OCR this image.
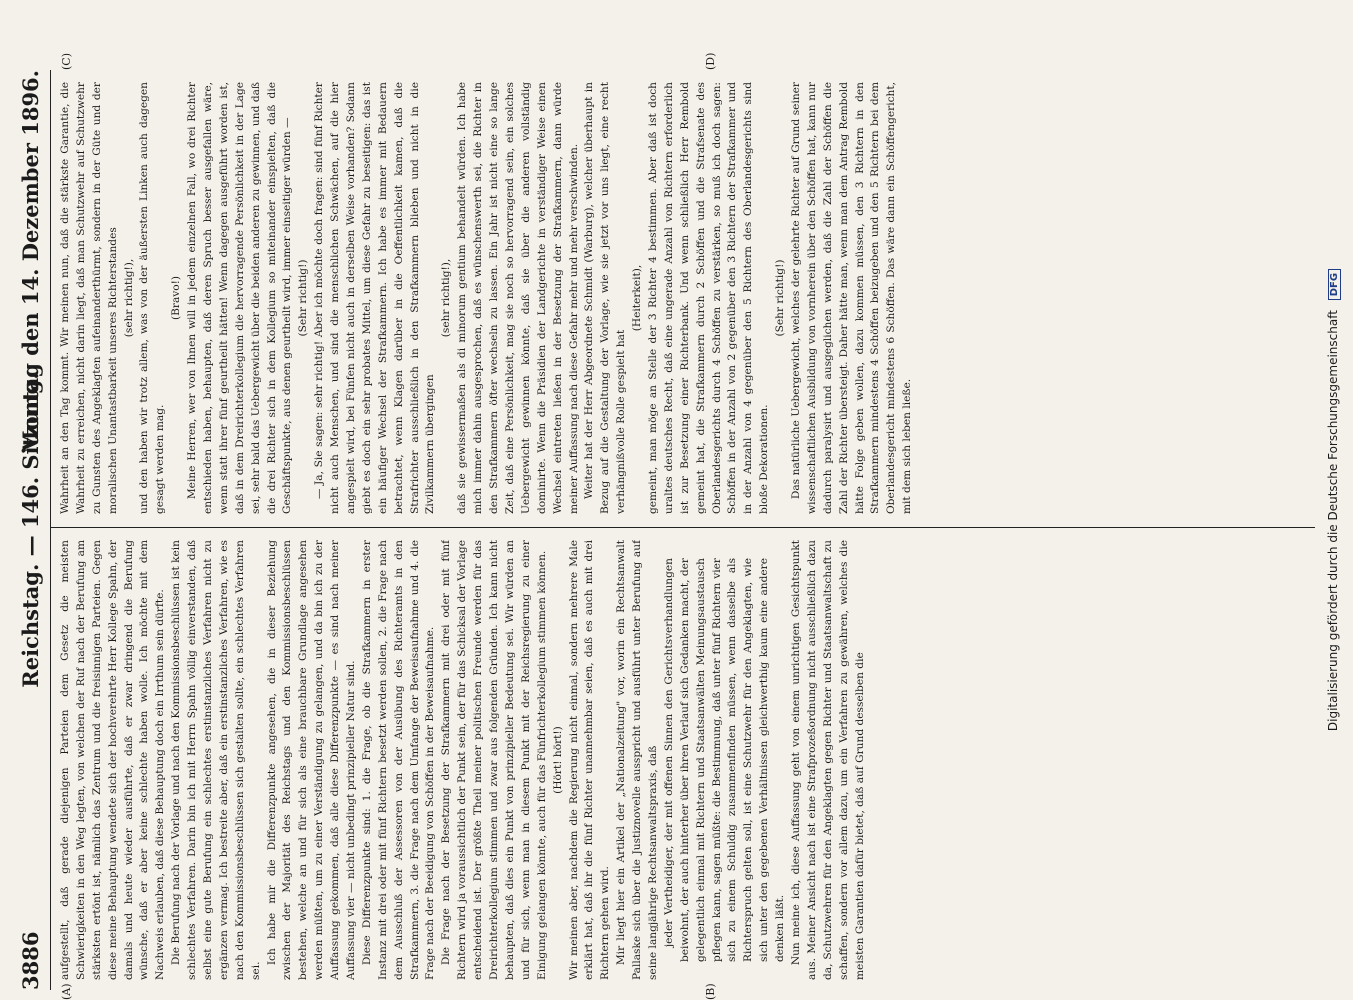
3886
Reichstag. — 146. Sitzung.
Montag den 14. Dezember 1896.
(A)	(B)
(C)	(D)

aufgestellt, daß gerade diejenigen Parteien dem Gesetz die meisten Schwierigkeiten in den Weg legten, von welchen der Ruf nach der Berufung am stärksten ertönt ist, nämlich das Zentrum und die freisinnigen Parteien. Gegen diese meine Behauptung wendete sich der hochverehrte Herr Kollege Spahn, der damals und heute wieder ausführte, daß er zwar dringend die Berufung wünsche, daß er aber keine schlechte haben wolle. Ich möchte mit dem Nachweis erlauben, daß diese Behauptung doch ein Irrthum sein dürfte. Die Berufung nach der Vorlage und nach den Kommissionsbeschlüssen ist kein schlechtes Verfahren. Darin bin ich mit Herrn Spahn völlig einverstanden, daß selbst eine gute Berufung ein schlechtes erstinstanzliches Verfahren nicht zu ergänzen vermag. Ich bestreite aber, daß ein erstinstanzliches Verfahren, wie es nach den Kommissionsbeschlüssen sich gestalten sollte, ein schlechtes Verfahren sei.

Ich habe mir die Differenzpunkte angesehen, die in dieser Beziehung zwischen der Majorität des Reichstags und den Kommissionsbeschlüssen bestehen, welche an und für sich als eine brauchbare Grundlage angesehen werden müßten, um zu einer Verständigung zu gelangen, und da bin ich zu der Auffassung gekommen, daß alle diese Differenzpunkte — es sind nach meiner Auffassung vier — nicht unbedingt prinzipieller Natur sind. Diese Differenzpunkte sind: 1. die Frage, ob die Strafkammern in erster Instanz mit drei oder mit fünf Richtern besetzt werden sollen, 2. die Frage nach dem Ausschluß der Assessoren von der Ausübung des Richteramts in den Strafkammern, 3. die Frage nach dem Umfange der Beweisaufnahme und 4. die Frage nach der Beeidigung von Schöffen in der Beweisaufnahme. Die Frage nach der Besetzung der Strafkammern mit drei oder mit fünf Richtern wird ja voraussichtlich der Punkt sein, der für das Schicksal der Vorlage entscheidend ist. Der größte Theil meiner politischen Freunde werden für das Dreirichterkollegium stimmen und zwar aus folgenden Gründen. Ich kann nicht behaupten, daß dies ein Punkt von prinzipieller Bedeutung sei. Wir würden an und für sich, wenn man in diesem Punkt mit der Reichsregierung zu einer Einigung gelangen könnte, auch für das Fünfrichterkollegium stimmen können. (Hört! hört!) Wir meinen aber, nachdem die Regierung nicht einmal, sondern mehrere Male erklärt hat, daß ihr die fünf Richter unannehmbar seien, daß es auch mit drei Richtern gehen wird. Mir liegt hier ein Artikel der „Nationalzeitung" vor, worin ein Rechtsanwalt Pallaske sich über die Justiznovelle ausspricht und ausführt unter Berufung auf seine langjährige Rechtsanwaltspraxis, daß jeder Vertheidiger, der mit offenen Sinnen den Gerichtsverhandlungen beiwohnt, der auch hinterher über ihren Verlauf sich Gedanken macht, der gelegentlich einmal mit Richtern und Staatsanwälten Meinungsaustausch pflegen kann, sagen müßte: die Bestimmung, daß unter fünf Richtern vier sich zu einem Schuldig zusammenfinden müssen, wenn dasselbe als Richterspruch gelten soll, ist eine Schutzwehr für den Angeklagten, wie sich unter den gegebenen Verhältnissen gleichwerthig kaum eine andere denken läßt. Nun meine ich, diese Auffassung geht von einem unrichtigen Gesichtspunkt aus. Meiner Ansicht nach ist eine Strafprozeßordnung nicht ausschließlich dazu da, Schutzwehren für den Angeklagten gegen Richter und Staatsanwaltschaft zu schaffen, sondern vor allem dazu, um ein Verfahren zu gewähren, welches die meisten Garantien dafür bietet, daß auf Grund desselben die

Wahrheit an den Tag kommt. Wir meinen nun, daß die stärkste Garantie, die Wahrheit zu erreichen, nicht darin liegt, daß man Schutzwehr auf Schutzwehr zu Gunsten des Angeklagten aufeinanderthürmt, sondern in der Güte und der moralischen Unantastbarkeit unseres Richterstandes (sehr richtig!), und den haben wir trotz allem, was von der äußersten Linken auch dagegen gesagt werden mag.

(Bravo!) Meine Herren, wer von Ihnen will in jedem einzelnen Fall, wo drei Richter entschieden haben, behaupten, daß deren Spruch besser ausgefallen wäre, wenn statt ihrer fünf geurtheilt hätten! Wenn dagegen ausgeführt worden ist, daß in dem Dreirichterkollegium die hervorragende Persönlichkeit in der Lage sei, sehr bald das Uebergewicht über die beiden anderen zu gewinnen, und daß die drei Richter sich in dem Kollegium so miteinander einspielten, daß die Geschäftspunkte, aus denen geurtheilt wird, immer einseitiger würden — (Sehr richtig!) — Ja, Sie sagen: sehr richtig! Aber ich möchte doch fragen: sind fünf Richter nicht auch Menschen, und sind die menschlichen Schwächen, auf die hier angespielt wird, bei Fünfen nicht auch in derselben Weise vorhanden? Sodann giebt es doch ein sehr probates Mittel, um diese Gefahr zu beseitigen: das ist ein häufiger Wechsel der Strafkammern. Ich habe es immer mit Bedauern betrachtet, wenn Klagen darüber in die Oeffentlichkeit kamen, daß die Strafrichter ausschließlich in den Strafkammern blieben und nicht in die Zivilkammern übergingen

(sehr richtig!), daß sie gewissermaßen als di minorum gentium behandelt würden. Ich habe mich immer dahin ausgesprochen, daß es wünschenswerth sei, die Richter in den Strafkammern öfter wechseln zu lassen. Ein Jahr ist nicht eine so lange Zeit, daß eine Persönlichkeit, mag sie noch so hervorragend sein, ein solches Uebergewicht gewinnen könnte, daß sie über die anderen vollständig dominirte. Wenn die Präsidien der Landgerichte in verständiger Weise einen Wechsel eintreten ließen in der Besetzung der Strafkammern, dann würde meiner Auffassung nach diese Gefahr mehr und mehr verschwinden. Weiter hat der Herr Abgeordnete Schmidt (Warburg), welcher überhaupt in Bezug auf die Gestaltung der Vorlage, wie sie jetzt vor uns liegt, eine recht verhängnißvolle Rolle gespielt hat

(Heiterkeit), gemeint, man möge an Stelle der 3 Richter 4 bestimmen. Aber daß ist doch uraltes deutsches Recht, daß eine ungerade Anzahl von Richtern erforderlich ist zur Besetzung einer Richterbank. Und wenn schließlich Herr Rembold gemeint hat, die Strafkammern durch 2 Schöffen und die Strafsenate des Oberlandesgerichts durch 4 Schöffen zu verstärken, so muß ich doch sagen: Schöffen in der Anzahl von 2 gegenüber den 3 Richtern der Strafkammer und in der Anzahl von 4 gegenüber den 5 Richtern des Oberlandesgerichts sind bloße Dekorationen.

(Sehr richtig!) Das natürliche Uebergewicht, welches der gelehrte Richter auf Grund seiner wissenschaftlichen Ausbildung von vornherein über den Schöffen hat, kann nur dadurch paralysirt und ausgeglichen werden, daß die Zahl der Schöffen die Zahl der Richter übersteigt. Daher hätte man, wenn man dem Antrag Rembold hätte Folge geben wollen, dazu kommen müssen, den 3 Richtern in den Strafkammern mindestens 4 Schöffen beizugeben und den 5 Richtern bei dem Oberlandesgericht mindestens 6 Schöffen. Das wäre dann ein Schöffengericht, mit dem sich leben ließe.	Digitalisierung gefördert durch die Deutsche Forschungsgemeinschaft DFG
